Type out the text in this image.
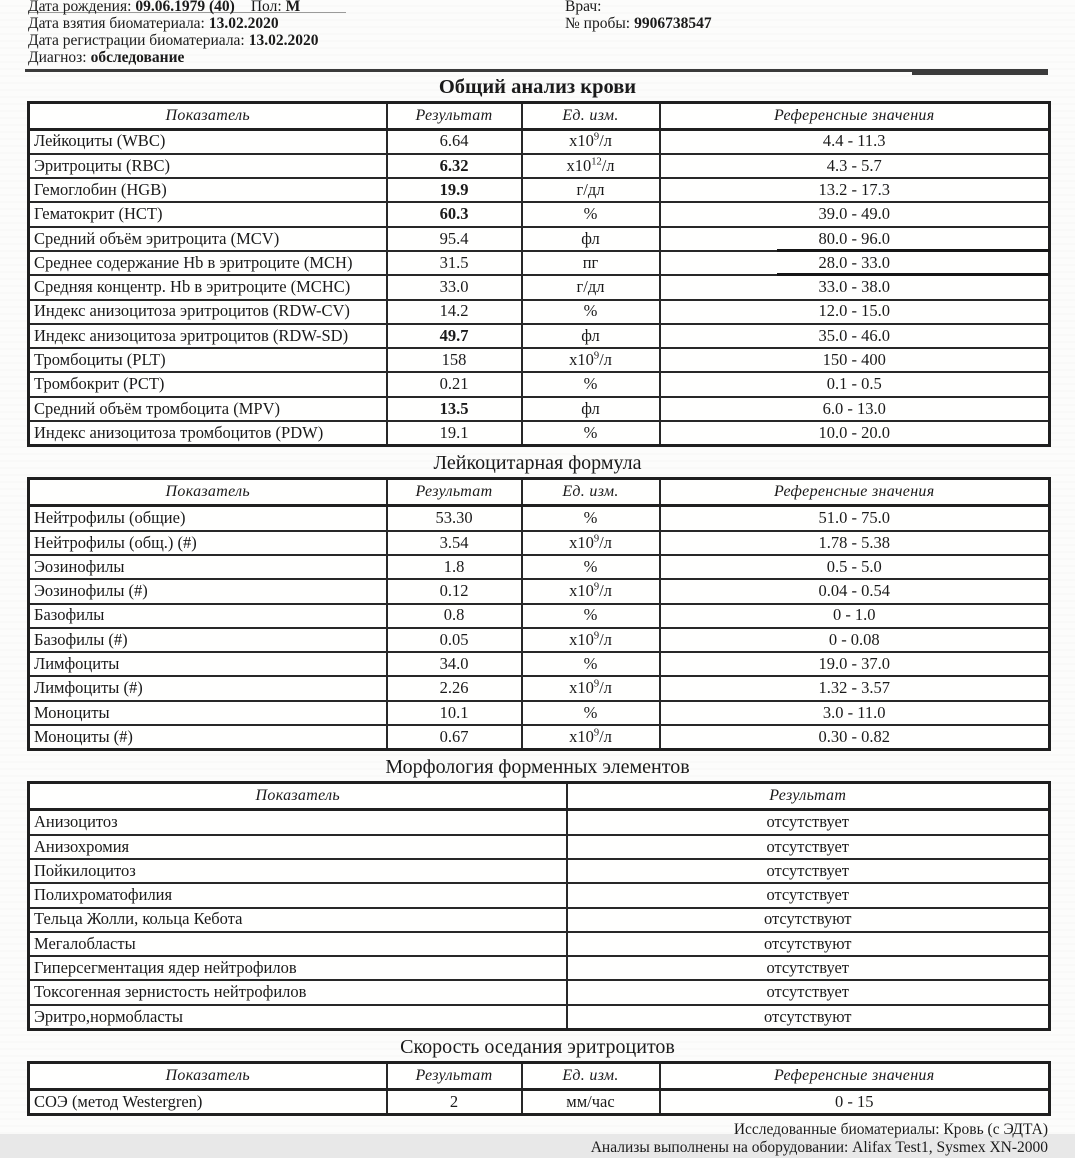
Дата рождения: 09.06.1979 (40) Пол: М
Дата взятия биоматериала: 13.02.2020
Дата регистрации биоматериала: 13.02.2020
Диагноз: обследование
Врач:
№ пробы: 9906738547
Общий анализ крови
Показатель	Результат	Ед. изм.	Референсные значения
Лейкоциты (WBC)	6.64	$x10^9/л$	4.4 - 11.3
Эритроциты (RBC)	6.32	$x10^{12}/л$	4.3 - 5.7
Гемоглобин (HGB)	19.9	г/дл	13.2 - 17.3
Гематокрит (HCT)	60.3	%	39.0 - 49.0
Средний объём эритроцита (MCV)	95.4	фл	80.0 - 96.0
Среднее содержание Hb в эритроците (MCH)	31.5	пг	28.0 - 33.0
Средняя концентр. Hb в эритроците (MCHC)	33.0	г/дл	33.0 - 38.0
Индекс анизоцитоза эритроцитов (RDW-CV)	14.2	%	12.0 - 15.0
Индекс анизоцитоза эритроцитов (RDW-SD)	49.7	фл	35.0 - 46.0
Тромбоциты (PLT)	158	$x10^9/л$	150 - 400
Тромбокрит (PCT)	0.21	%	0.1 - 0.5
Средний объём тромбоцита (MPV)	13.5	фл	6.0 - 13.0
Индекс анизоцитоза тромбоцитов (PDW)	19.1	%	10.0 - 20.0
Лейкоцитарная формула
Показатель	Результат	Ед. изм.	Референсные значения
Нейтрофилы (общие)	53.30	%	51.0 - 75.0
Нейтрофилы (общ.) (#)	3.54	$x10^9/л$	1.78 - 5.38
Эозинофилы	1.8	%	0.5 - 5.0
Эозинофилы (#)	0.12	$x10^9/л$	0.04 - 0.54
Базофилы	0.8	%	0 - 1.0
Базофилы (#)	0.05	$x10^9/л$	0 - 0.08
Лимфоциты	34.0	%	19.0 - 37.0
Лимфоциты (#)	2.26	$x10^9/л$	1.32 - 3.57
Моноциты	10.1	%	3.0 - 11.0
Моноциты (#)	0.67	$x10^9/л$	0.30 - 0.82
Морфология форменных элементов
Показатель	Результат
Анизоцитоз	отсутствует
Анизохромия	отсутствует
Пойкилоцитоз	отсутствует
Полихроматофилия	отсутствует
Тельца Жолли, кольца Кебота	отсутствуют
Мегалобласты	отсутствуют
Гиперсегментация ядер нейтрофилов	отсутствует
Токсогенная зернистость нейтрофилов	отсутствует
Эритро,нормобласты	отсутствуют
Скорость оседания эритроцитов
Показатель	Результат	Ед. изм.	Референсные значения
СОЭ (метод Westergren)	2	мм/час	0 - 15
Исследованные биоматериалы: Кровь (с ЭДТА)
Анализы выполнены на оборудовании: Alifax Test1, Sysmex XN-2000
